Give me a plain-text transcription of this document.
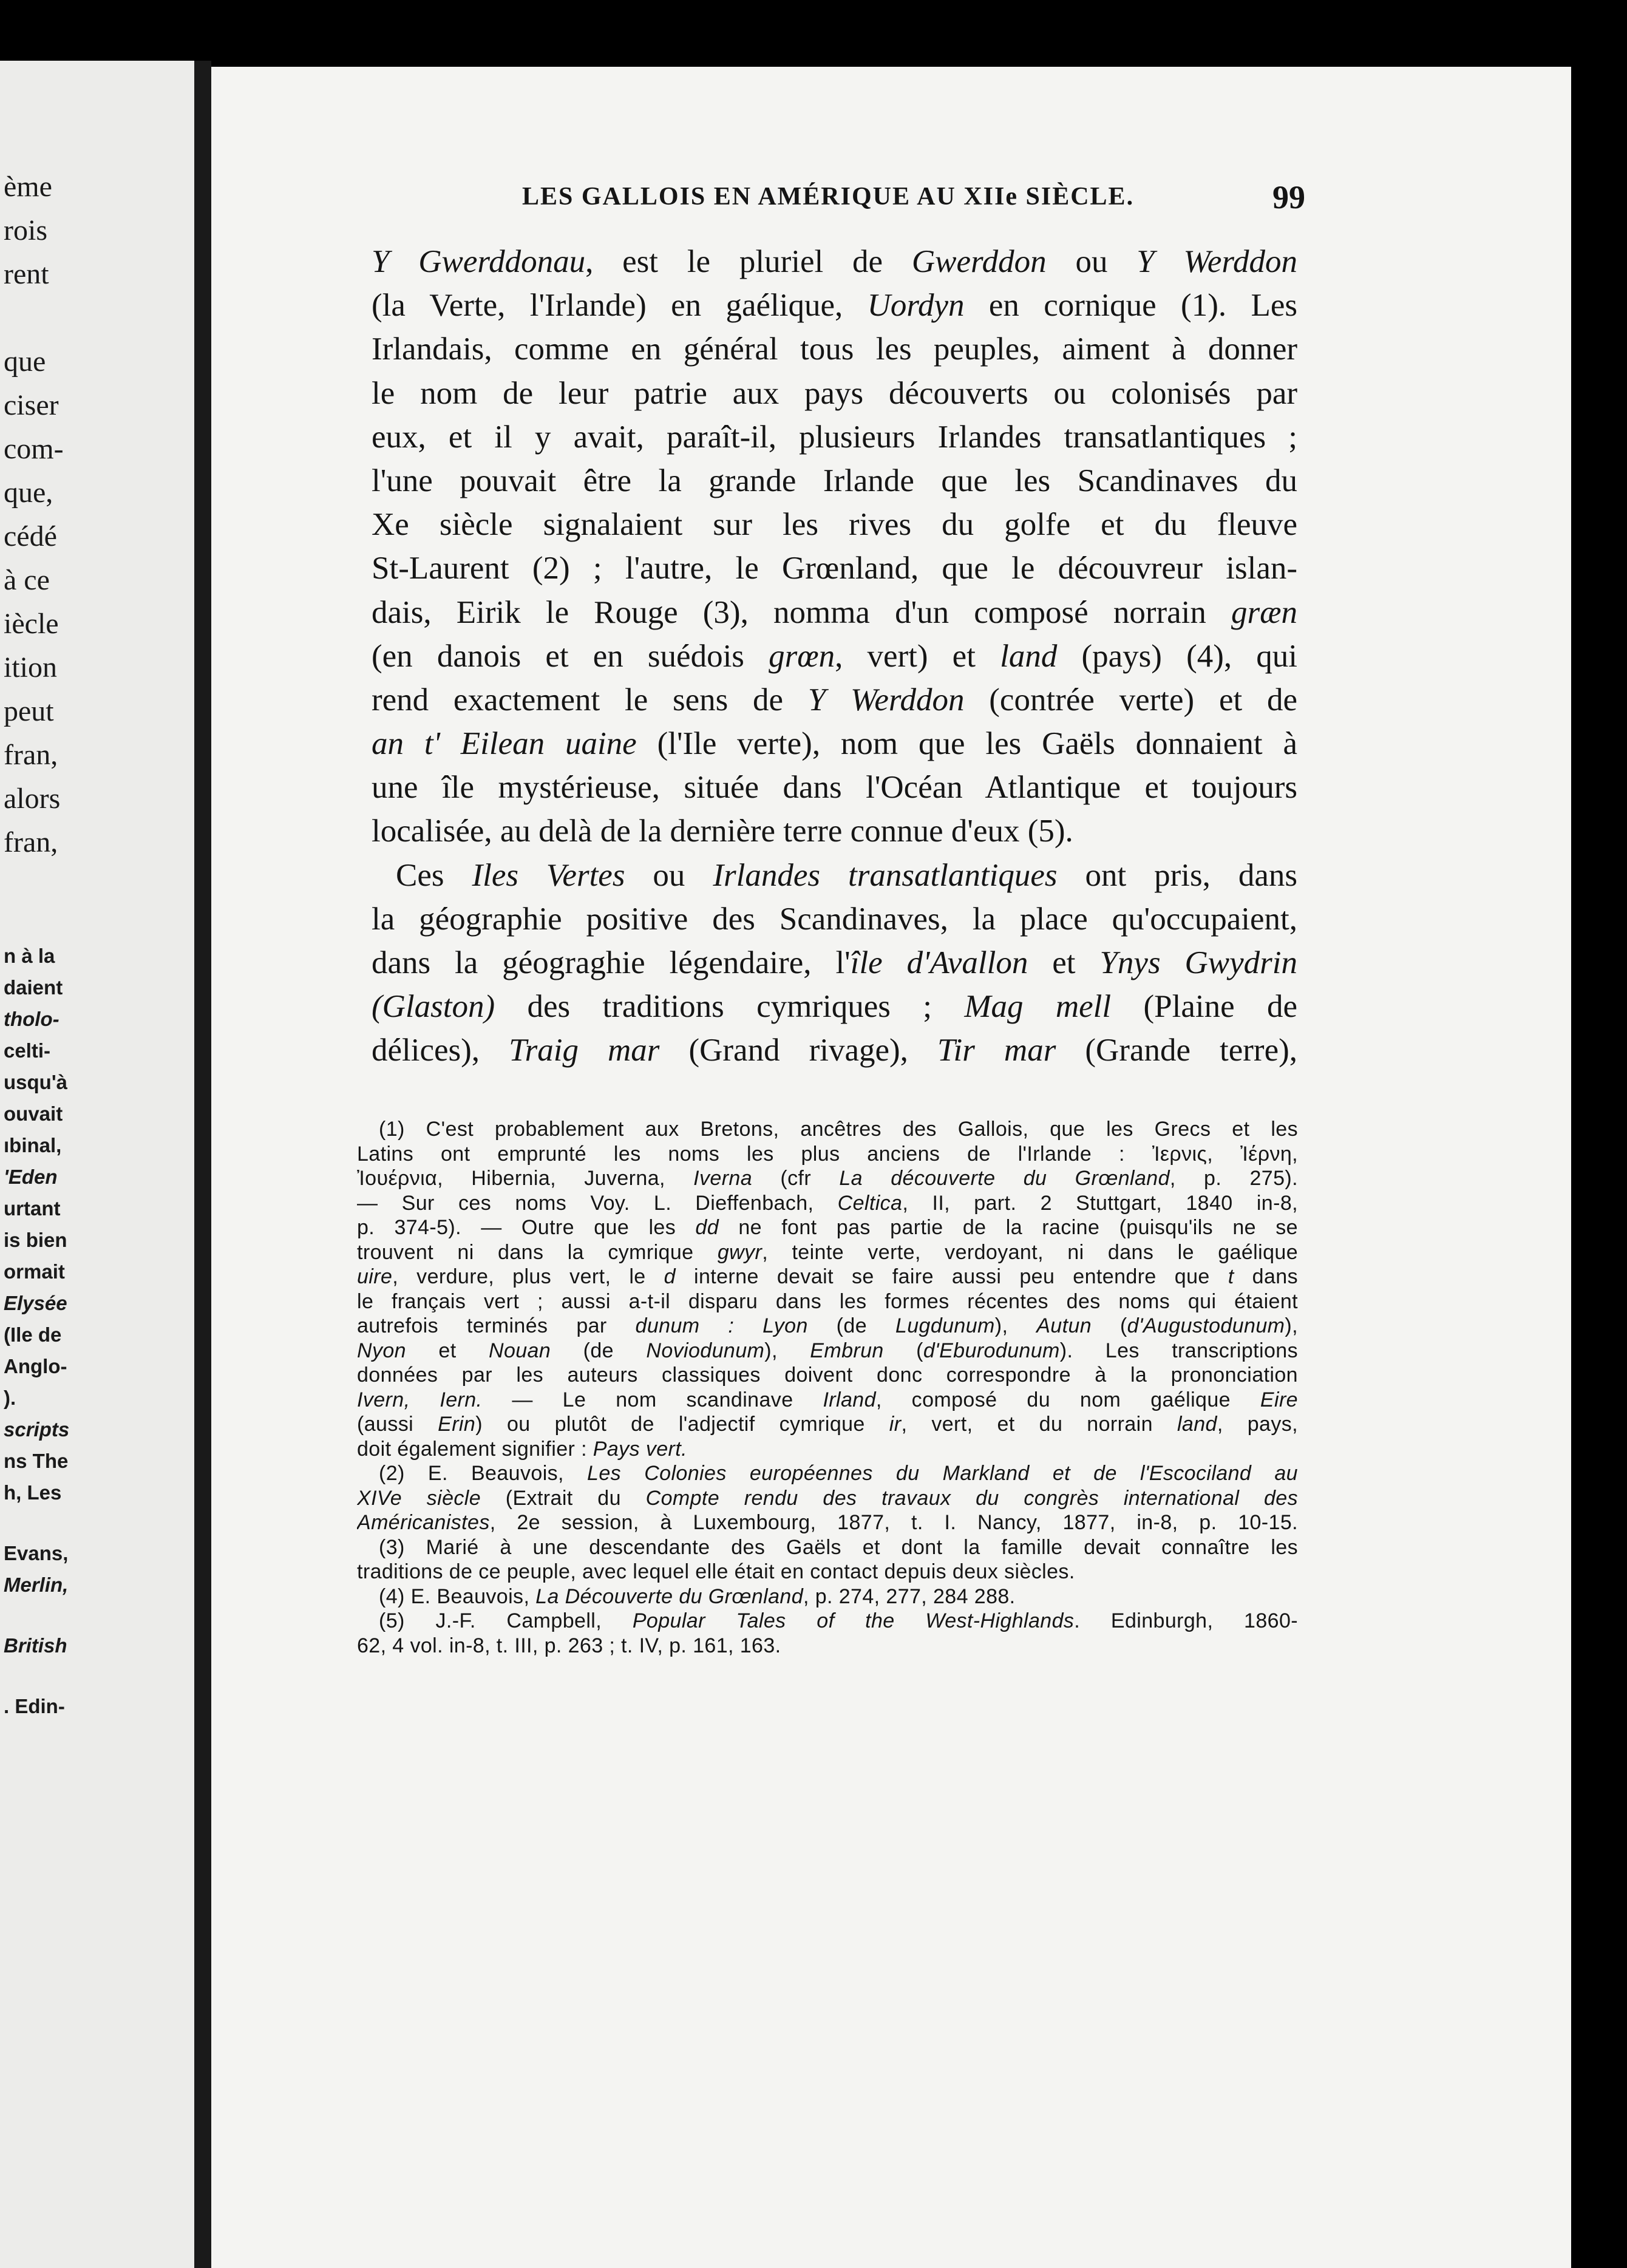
ème
rois
rent
que
ciser
com-
que,
cédé
à ce
iècle
ition
peut
fran,
alors
fran,
n à la
daient
tholo-
celti-
usqu'à
ouvait
ıbinal,
'Eden
urtant
is bien
ormait
Elysée
(Ile de
Anglo-
).
scripts
ns The
h, Les
Evans,
Merlin,
British
. Edin-
LES GALLOIS EN AMÉRIQUE AU XIIe SIÈCLE.	99
Y Gwerddonau, est le pluriel de Gwerddon ou Y Werddon
(la Verte, l'Irlande) en gaélique, Uordyn en cornique (1). Les
Irlandais, comme en général tous les peuples, aiment à donner
le nom de leur patrie aux pays découverts ou colonisés par
eux, et il y avait, paraît-il, plusieurs Irlandes transatlantiques ;
l'une pouvait être la grande Irlande que les Scandinaves du
Xe siècle signalaient sur les rives du golfe et du fleuve
St-Laurent (2) ; l'autre, le Grœnland, que le découvreur islan-
dais, Eirik le Rouge (3), nomma d'un composé norrain græn
(en danois et en suédois grœn, vert) et land (pays) (4), qui
rend exactement le sens de Y Werddon (contrée verte) et de
an t' Eilean uaine (l'Ile verte), nom que les Gaëls donnaient à
une île mystérieuse, située dans l'Océan Atlantique et toujours
localisée, au delà de la dernière terre connue d'eux (5).
Ces Iles Vertes ou Irlandes transatlantiques ont pris, dans
la géographie positive des Scandinaves, la place qu'occupaient,
dans la géograghie légendaire, l'île d'Avallon et Ynys Gwydrin
(Glaston) des traditions cymriques ; Mag mell (Plaine de
délices), Traig mar (Grand rivage), Tir mar (Grande terre),
(1) C'est probablement aux Bretons, ancêtres des Gallois, que les Grecs et les
Latins ont emprunté les noms les plus anciens de l'Irlande : Ἰερνις, Ἰέρνη,
Ἰουέρνια, Hibernia, Juverna, Iverna (cfr La découverte du Grœnland, p. 275).
— Sur ces noms Voy. L. Dieffenbach, Celtica, II, part. 2 Stuttgart, 1840 in-8,
p. 374-5). — Outre que les dd ne font pas partie de la racine (puisqu'ils ne se
trouvent ni dans la cymrique gwyr, teinte verte, verdoyant, ni dans le gaélique
uire, verdure, plus vert, le d interne devait se faire aussi peu entendre que t dans
le français vert ; aussi a-t-il disparu dans les formes récentes des noms qui étaient
autrefois terminés par dunum : Lyon (de Lugdunum), Autun (d'Augustodunum),
Nyon et Nouan (de Noviodunum), Embrun (d'Eburodunum). Les transcriptions
données par les auteurs classiques doivent donc correspondre à la prononciation
Ivern, Iern. — Le nom scandinave Irland, composé du nom gaélique Eire
(aussi Erin) ou plutôt de l'adjectif cymrique ir, vert, et du norrain land, pays,
doit également signifier : Pays vert.
(2) E. Beauvois, Les Colonies européennes du Markland et de l'Escociland au
XIVe siècle (Extrait du Compte rendu des travaux du congrès international des
Américanistes, 2e session, à Luxembourg, 1877, t. I. Nancy, 1877, in-8, p. 10-15.
(3) Marié à une descendante des Gaëls et dont la famille devait connaître les
traditions de ce peuple, avec lequel elle était en contact depuis deux siècles.
(4) E. Beauvois, La Découverte du Grœnland, p. 274, 277, 284 288.
(5) J.-F. Campbell, Popular Tales of the West-Highlands. Edinburgh, 1860-
62, 4 vol. in-8, t. III, p. 263 ; t. IV, p. 161, 163.
